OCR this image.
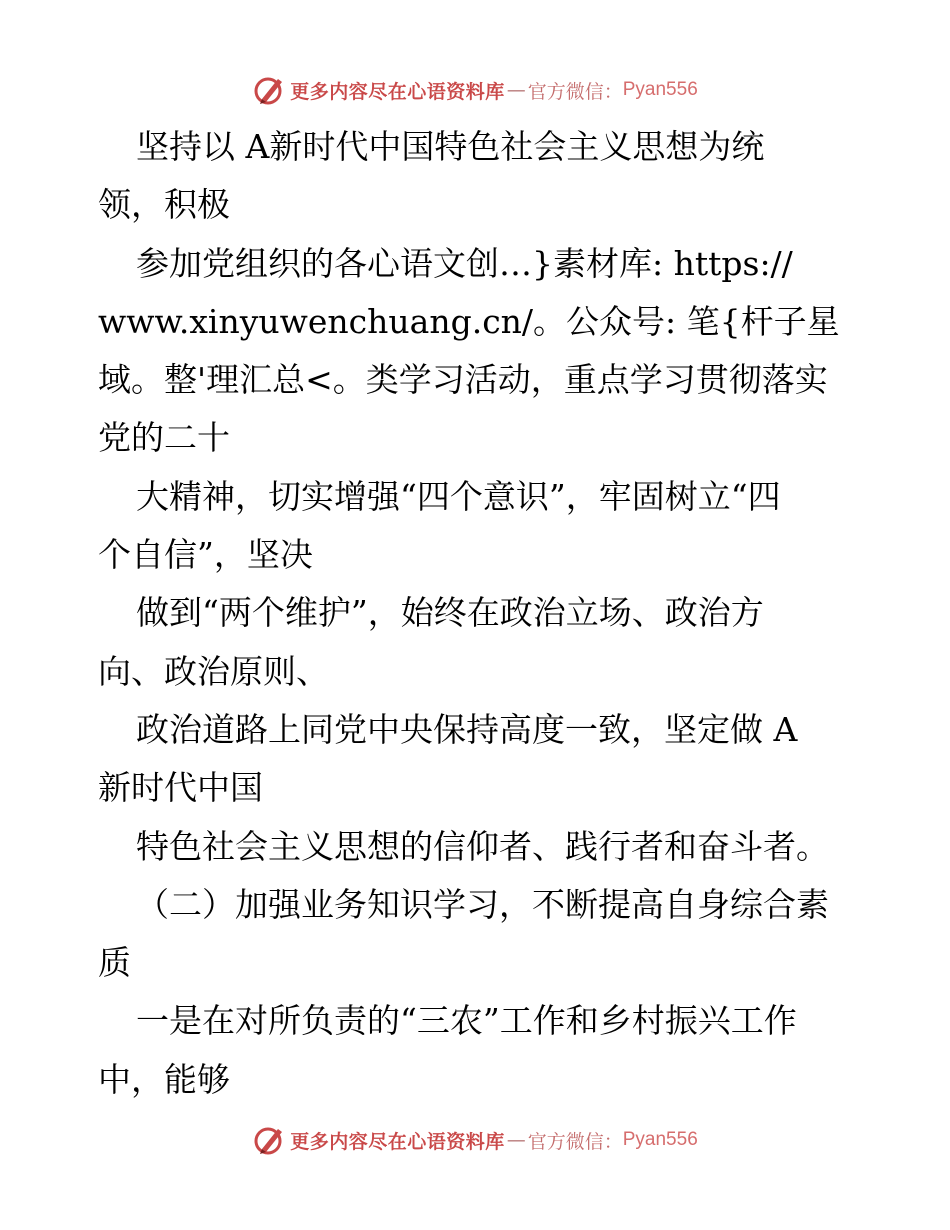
更多内容尽在心语资料库 — 官方微信： Pyan556
坚持以 A新时代中国特色社会主义思想为统
领，积极
参加党组织的各心语文创…}素材库: https://
www.xinyuwenchuang.cn/。公众号: 笔{杆子星
域。整'理汇总<。类学习活动，重点学习贯彻落实
党的二十
大精神，切实增强“四个意识”，牢固树立“四
个自信”，坚决
做到“两个维护”，始终在政治立场、政治方
向、政治原则、
政治道路上同党中央保持高度一致，坚定做 A
新时代中国
特色社会主义思想的信仰者、践行者和奋斗者。
（二）加强业务知识学习，不断提高自身综合素
质
一是在对所负责的“三农”工作和乡村振兴工作
中，能够
更多内容尽在心语资料库 — 官方微信： Pyan556
